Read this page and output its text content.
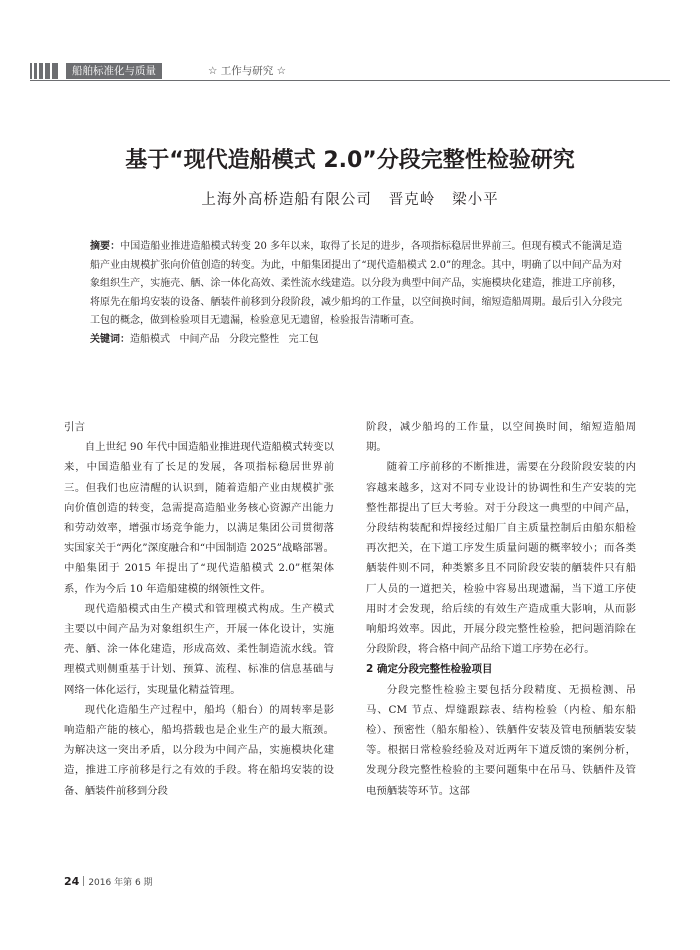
船舶标准化与质量	☆ 工作与研究 ☆
基于“现代造船模式 2.0”分段完整性检验研究
上海外高桥造船有限公司   晋克岭   梁小平
摘要：中国造船业推进造船模式转变 20 多年以来，取得了长足的进步，各项指标稳居世界前三。但现有模式不能满足造船产业由规模扩张向价值创造的转变。为此，中船集团提出了“现代造船模式 2.0”的理念。其中，明确了以中间产品为对象组织生产，实施壳、舾、涂一体化高效、柔性流水线建造。以分段为典型中间产品，实施模块化建造，推进工序前移，将原先在船坞安装的设备、舾装件前移到分段阶段，减少船坞的工作量，以空间换时间，缩短造船周期。最后引入分段完工包的概念，做到检验项目无遗漏，检验意见无遗留，检验报告清晰可查。
关键词：造船模式   中间产品   分段完整性   完工包
引言

自上世纪 90 年代中国造船业推进现代造船模式转变以来，中国造船业有了长足的发展，各项指标稳居世界前三。但我们也应清醒的认识到，随着造船产业由规模扩张向价值创造的转变，急需提高造船业务核心资源产出能力和劳动效率，增强市场竞争能力，以满足集团公司贯彻落实国家关于“两化”深度融合和“中国制造 2025”战略部署。中船集团于 2015 年提出了“现代造船模式 2.0”框架体系，作为今后 10 年造船建模的纲领性文件。

现代造船模式由生产模式和管理模式构成。生产模式主要以中间产品为对象组织生产，开展一体化设计，实施壳、舾、涂一体化建造，形成高效、柔性制造流水线。管理模式则侧重基于计划、预算、流程、标准的信息基础与网络一体化运行，实现量化精益管理。

现代化造船生产过程中，船坞（船台）的周转率是影响造船产能的核心，船坞搭载也是企业生产的最大瓶颈。为解决这一突出矛盾，以分段为中间产品，实施模块化建造，推进工序前移是行之有效的手段。将在船坞安装的设备、舾装件前移到分段

阶段，减少船坞的工作量，以空间换时间，缩短造船周期。

随着工序前移的不断推进，需要在分段阶段安装的内容越来越多，这对不同专业设计的协调性和生产安装的完整性都提出了巨大考验。对于分段这一典型的中间产品，分段结构装配和焊接经过船厂自主质量控制后由船东船检再次把关，在下道工序发生质量问题的概率较小；而各类舾装件则不同，种类繁多且不同阶段安装的舾装件只有船厂人员的一道把关，检验中容易出现遗漏，当下道工序使用时才会发现，给后续的有效生产造成重大影响，从而影响船坞效率。因此，开展分段完整性检验，把问题消除在分段阶段，将合格中间产品给下道工序势在必行。

2 确定分段完整性检验项目

分段完整性检验主要包括分段精度、无损检测、吊马、CM 节点、焊缝跟踪表、结构检验（内检、船东船检）、预密性（船东船检）、铁舾件安装及管电预舾装安装等。根据日常检验经验及对近两年下道反馈的案例分析，发现分段完整性检验的主要问题集中在吊马、铁舾件及管电预舾装等环节。这部

24 2016 年第 6 期
